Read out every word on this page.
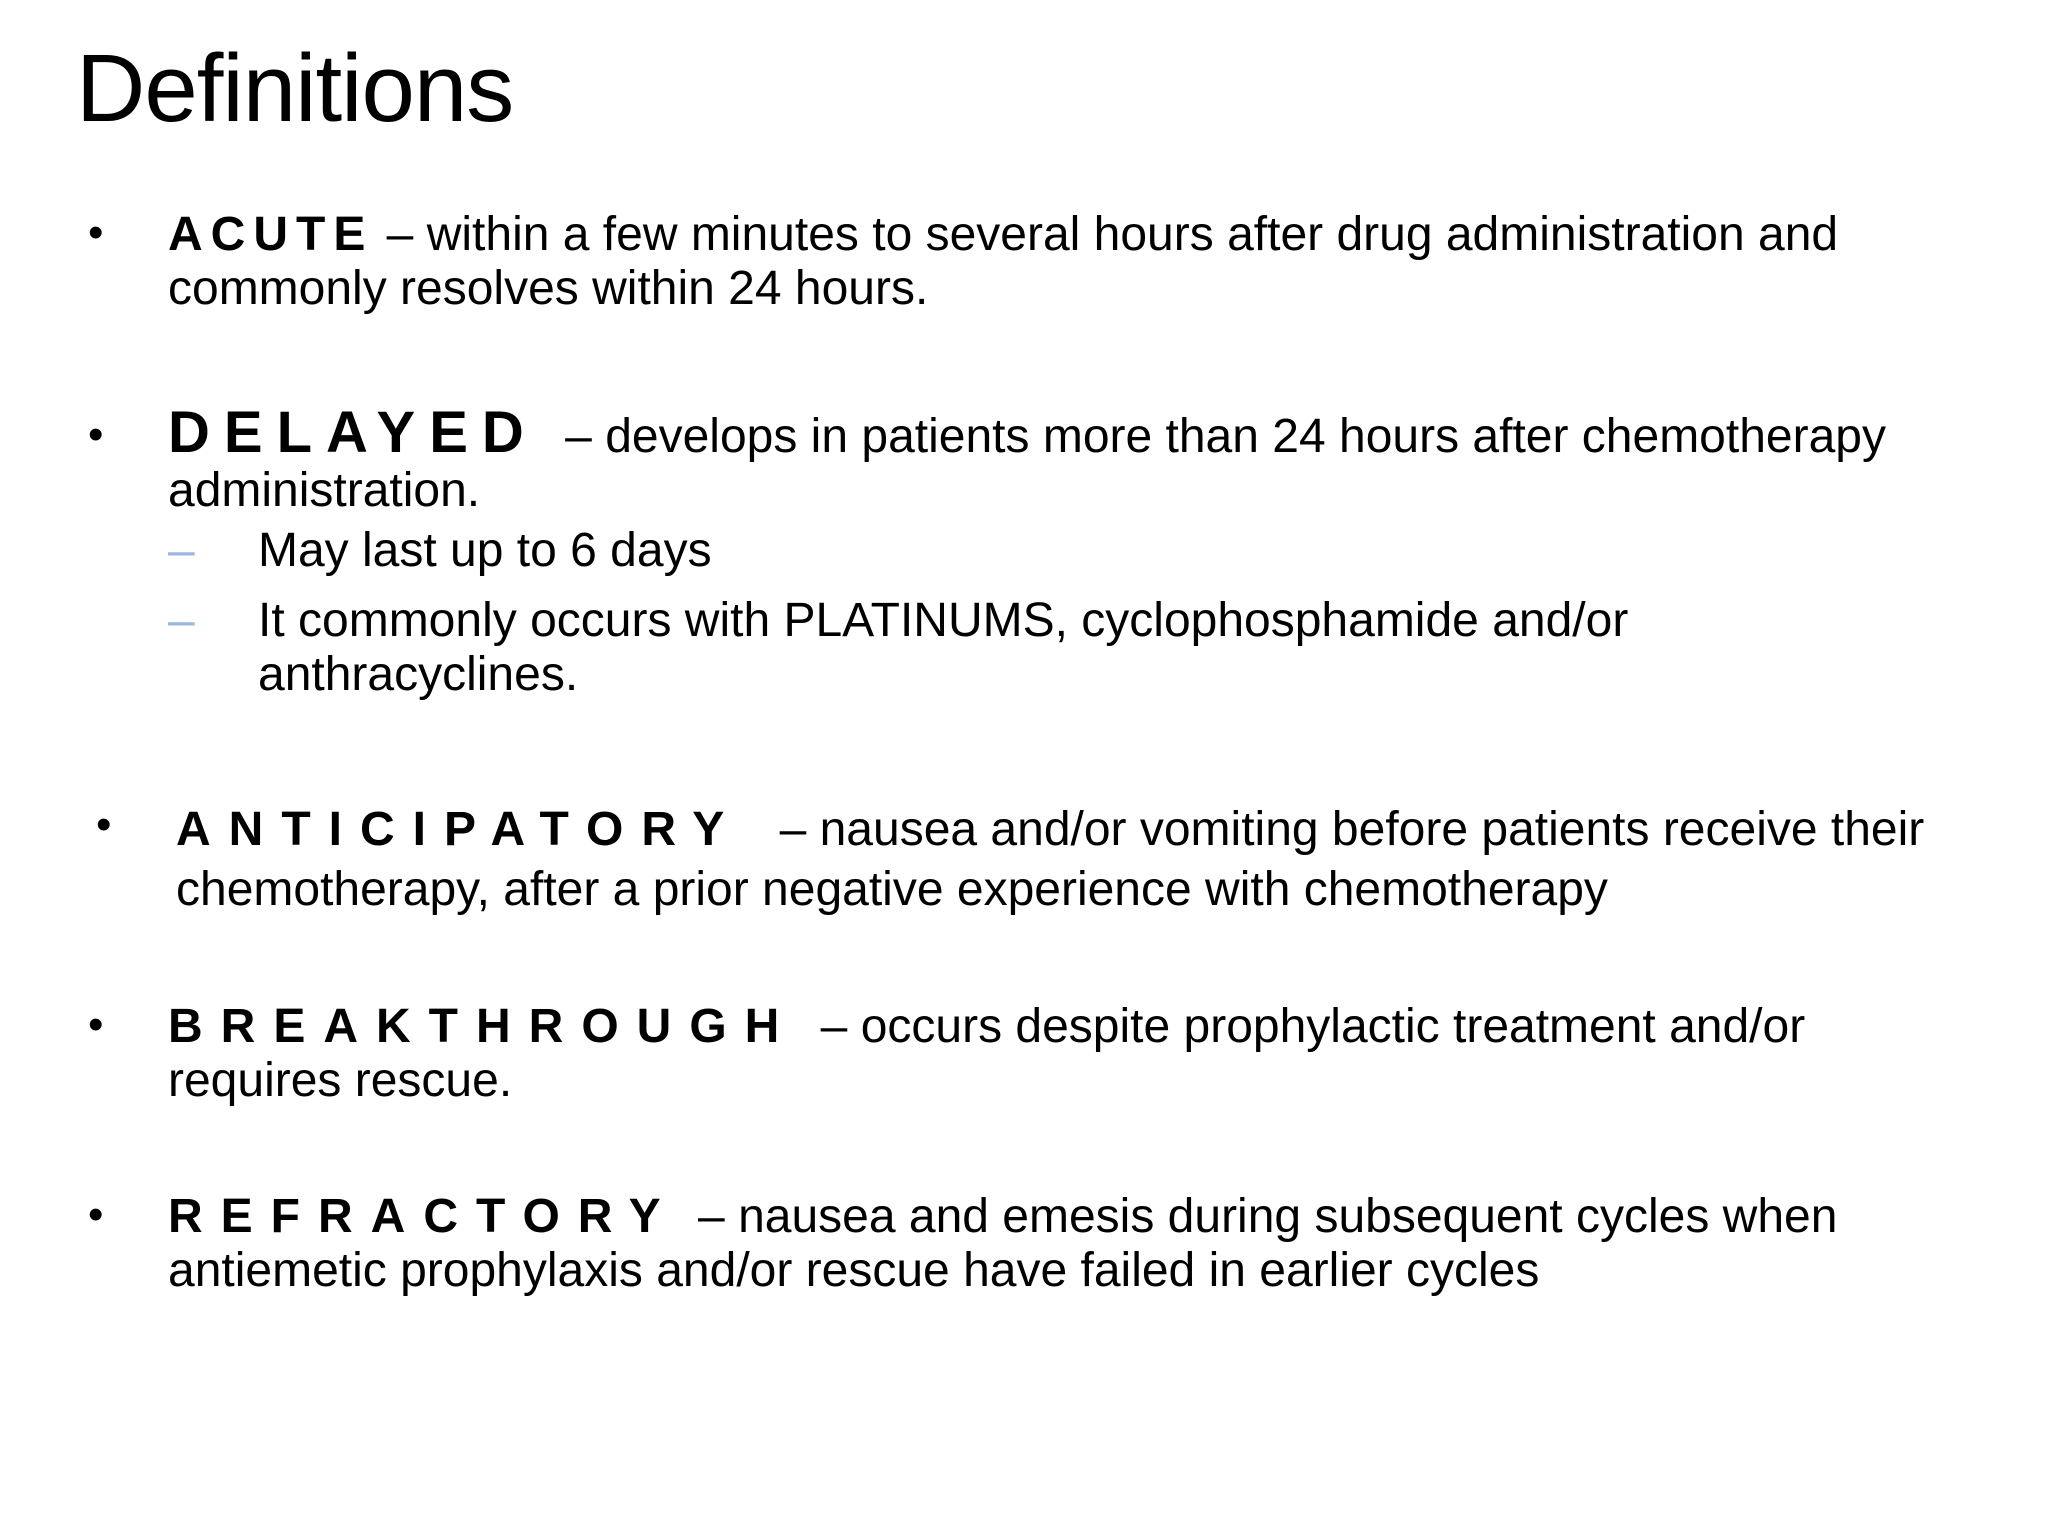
Definitions
• ACUTE – within a few minutes to several hours after drug administration and commonly resolves within 24 hours.
• DELAYED – develops in patients more than 24 hours after chemotherapy administration.
– May last up to 6 days
– It commonly occurs with PLATINUMS, cyclophosphamide and/or anthracyclines.
• ANTICIPATORY – nausea and/or vomiting before patients receive their chemotherapy, after a prior negative experience with chemotherapy
• BREAKTHROUGH – occurs despite prophylactic treatment and/or requires rescue.
• REFRACTORY – nausea and emesis during subsequent cycles when antiemetic prophylaxis and/or rescue have failed in earlier cycles
